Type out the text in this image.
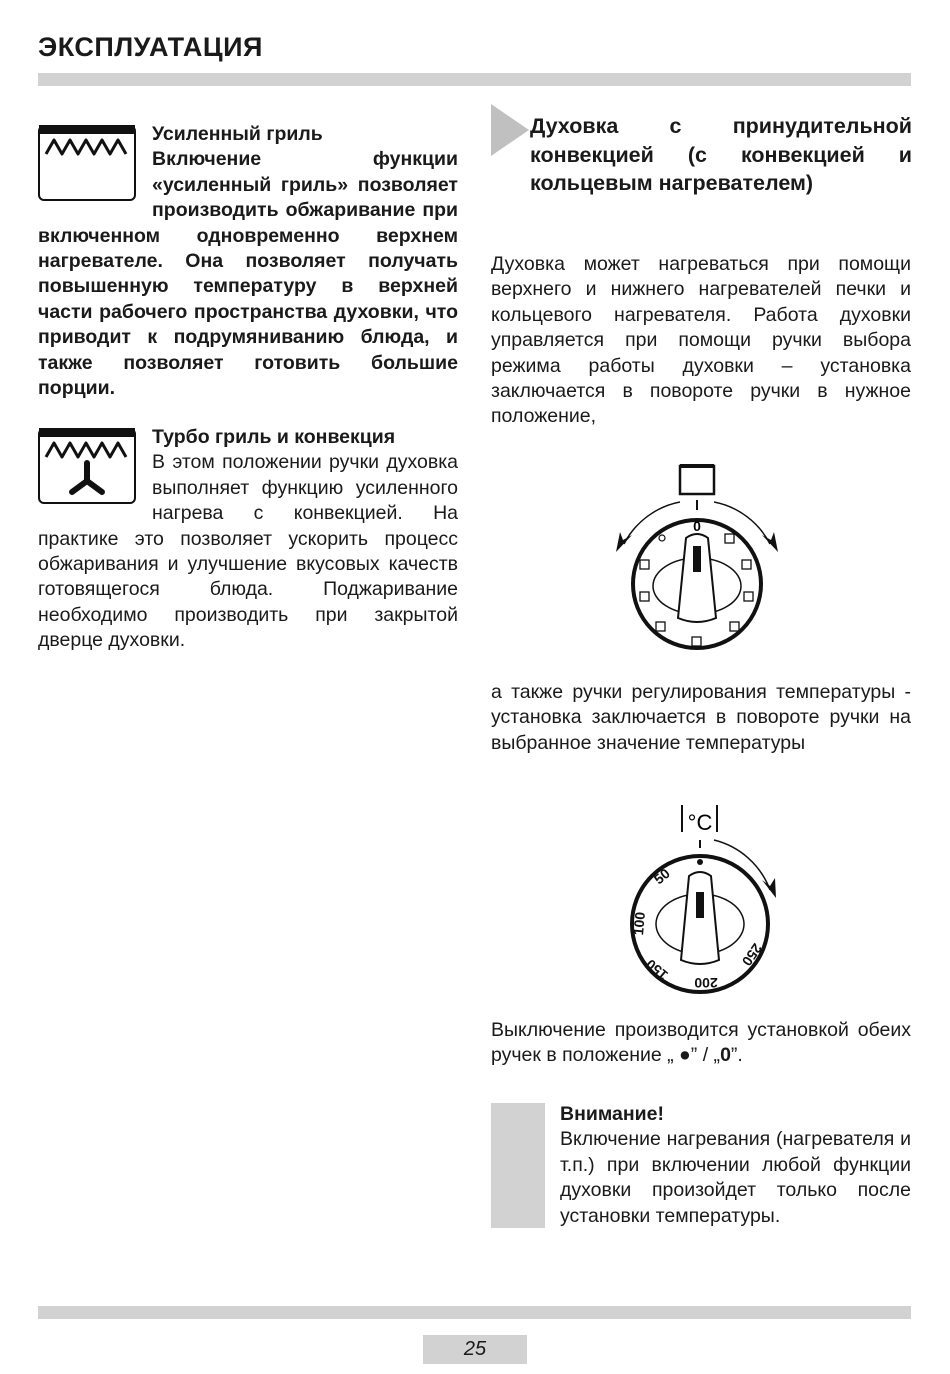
ЭКСПЛУАТАЦИЯ

Усиленный гриль

Включение функции «усиленный гриль» позволяет производить обжаривание при включенном одновременно верхнем нагревателе. Она позволяет получать повышенную температуру в верхней части рабочего пространства духовки, что приводит к подрумяниванию блюда, и также позволяет готовить большие порции.

Турбо гриль и конвекция

В этом положении ручки духовка выполняет функцию усиленного нагрева с конвекцией. На практике это позволяет ускорить процесс обжаривания и улучшение вкусовых качеств готовящегося блюда. Поджаривание необходимо производить при закрытой дверце духовки.

Духовка с принудительной конвекцией (с конвекцией и кольцевым нагревателем)

Духовка может нагреваться при помощи верхнего и нижнего нагревателей печки и кольцевого нагревателя. Работа духовки управляется при помощи ручки выбора режима работы духовки – установка заключается в повороте ручки в нужное положение,

0

а также ручки регулирования температуры - установка заключается в повороте ручки на выбранное значение температуры

°C
50
100
150 200
250

Выключение производится установкой обеих ручек в положение „ ●” / „0”.

Внимание!

Включение нагревания (нагревателя и т.п.) при включении любой функции духовки произойдет только после установки температуры.

25
